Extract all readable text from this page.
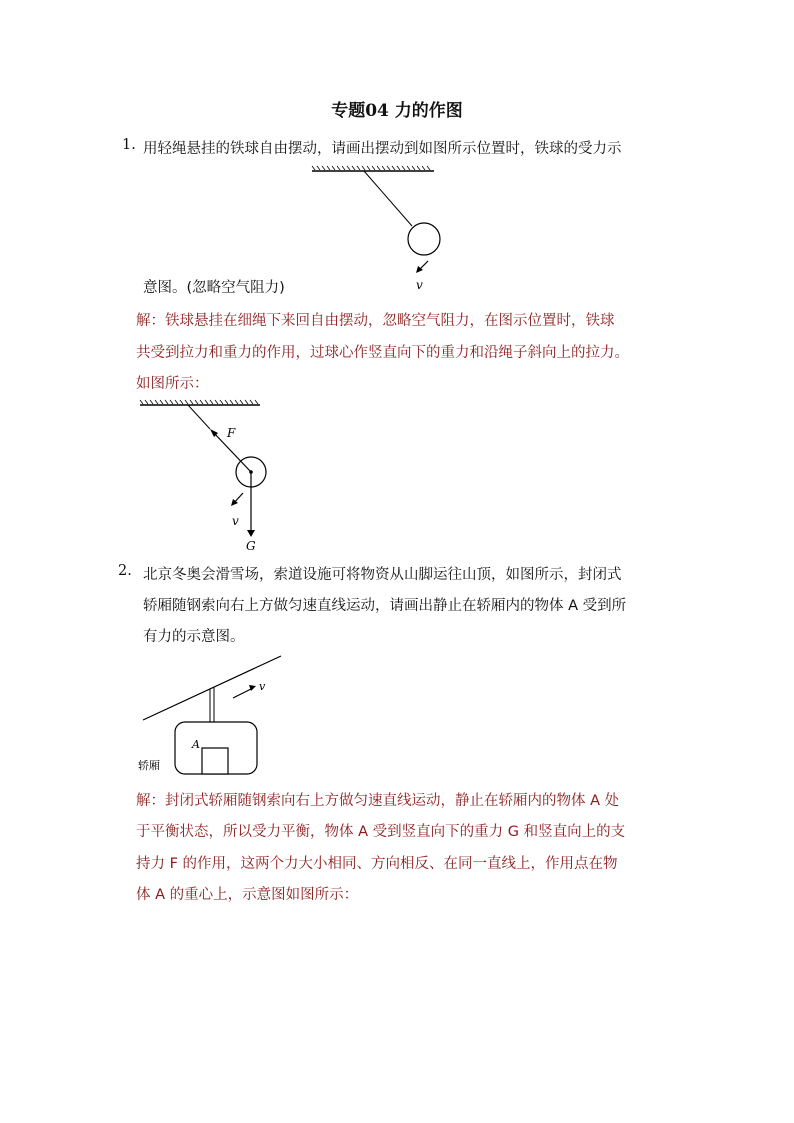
专题04 力的作图
1. 用轻绳悬挂的铁球自由摆动，请画出摆动到如图所示位置时，铁球的受力示
v
意图。(忽略空气阻力)
解：铁球悬挂在细绳下来回自由摆动，忽略空气阻力，在图示位置时，铁球
共受到拉力和重力的作用，过球心作竖直向下的重力和沿绳子斜向上的拉力。
如图所示：
F
v
G
2. 北京冬奥会滑雪场，索道设施可将物资从山脚运往山顶，如图所示，封闭式
轿厢随钢索向右上方做匀速直线运动，请画出静止在轿厢内的物体 A 受到所
有力的示意图。
A
v
轿厢
解：封闭式轿厢随钢索向右上方做匀速直线运动，静止在轿厢内的物体 A 处
于平衡状态，所以受力平衡，物体 A 受到竖直向下的重力 G 和竖直向上的支
持力 F 的作用，这两个力大小相同、方向相反、在同一直线上，作用点在物
体 A 的重心上，示意图如图所示：
